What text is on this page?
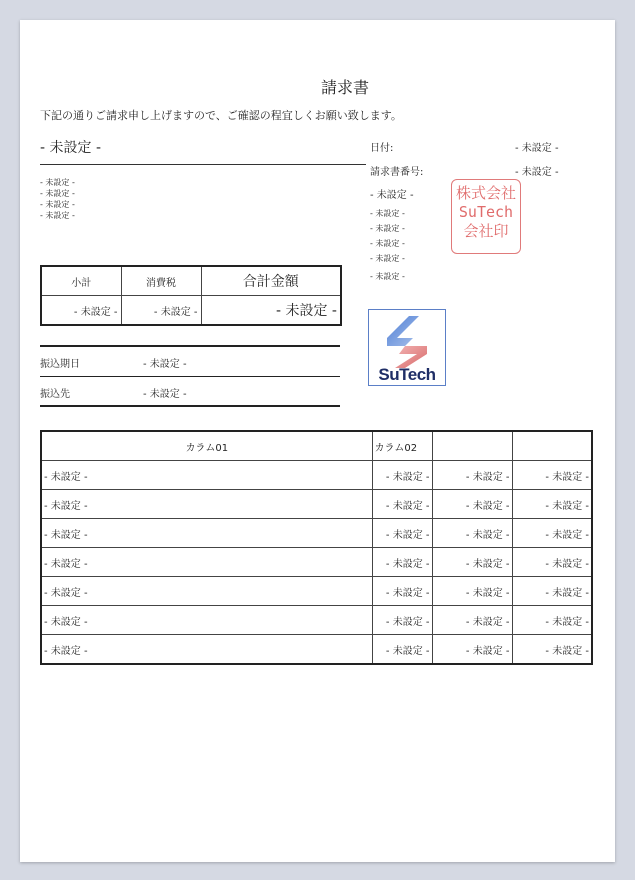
請求書
下記の通りご請求申し上げますので、ご確認の程宜しくお願い致します。
- 未設定 -
- 未設定 -
- 未設定 -
- 未設定 -
- 未設定 -
日付:	- 未設定 -
請求書番号:	- 未設定 -
- 未設定 -
- 未設定 -
- 未設定 -
- 未設定 -
- 未設定 -
- 未設定 -
株式会社
SuTech
会社印
SuTech
小計	消費税	合計金額
- 未設定 -	- 未設定 -	- 未設定 -
振込期日	- 未設定 -
振込先	- 未設定 -
カラム01	カラム02		
- 未設定 -	- 未設定 -	- 未設定 -	- 未設定 -
- 未設定 -	- 未設定 -	- 未設定 -	- 未設定 -
- 未設定 -	- 未設定 -	- 未設定 -	- 未設定 -
- 未設定 -	- 未設定 -	- 未設定 -	- 未設定 -
- 未設定 -	- 未設定 -	- 未設定 -	- 未設定 -
- 未設定 -	- 未設定 -	- 未設定 -	- 未設定 -
- 未設定 -	- 未設定 -	- 未設定 -	- 未設定 -
